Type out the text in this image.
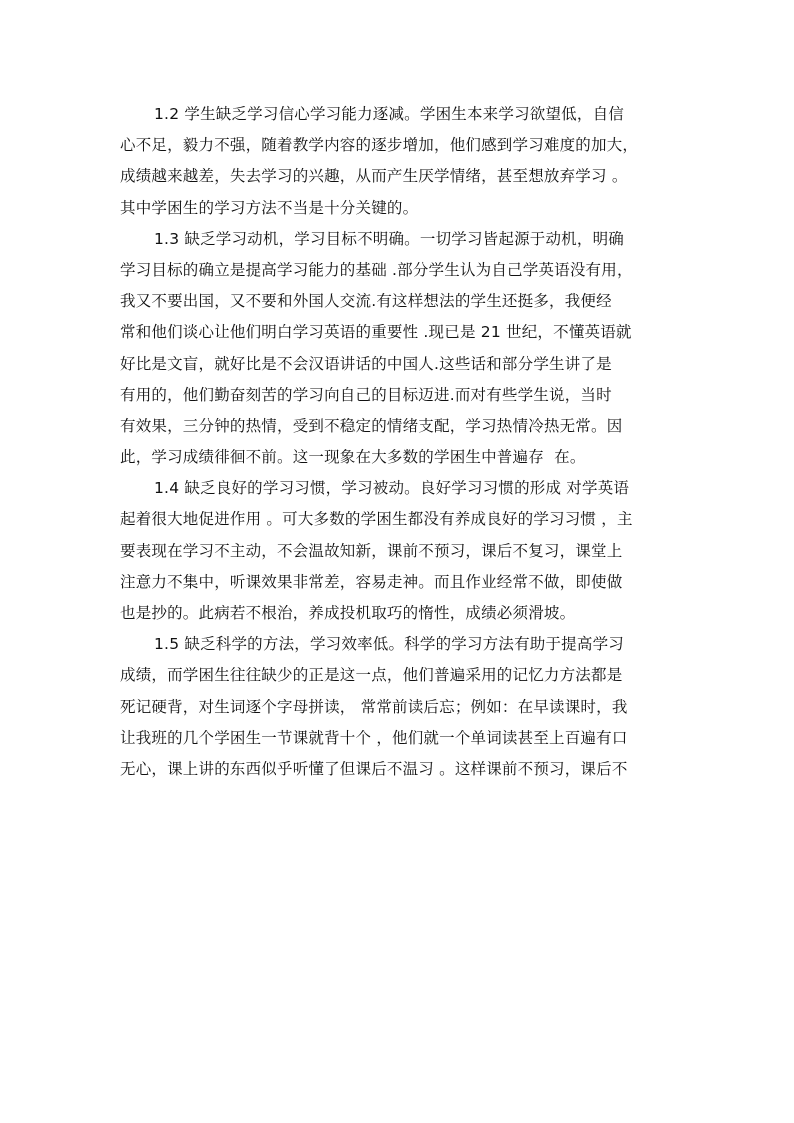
1.2 学生缺乏学习信心学习能力逐减。学困生本来学习欲望低，自信
心不足，毅力不强，随着教学内容的逐步增加，他们感到学习难度的加大，
成绩越来越差，失去学习的兴趣，从而产生厌学情绪，甚至想放弃学习 。
其中学困生的学习方法不当是十分关键的。
1.3 缺乏学习动机，学习目标不明确。一切学习皆起源于动机，明确
学习目标的确立是提高学习能力的基础 .部分学生认为自己学英语没有用，
我又不要出国，又不要和外国人交流.有这样想法的学生还挺多，我便经
常和他们谈心让他们明白学习英语的重要性 .现已是 21 世纪，不懂英语就
好比是文盲，就好比是不会汉语讲话的中国人.这些话和部分学生讲了是
有用的，他们勤奋刻苦的学习向自己的目标迈进.而对有些学生说，当时
有效果，三分钟的热情，受到不稳定的情绪支配，学习热情冷热无常。因
此，学习成绩徘徊不前。这一现象在大多数的学困生中普遍存  在。
1.4 缺乏良好的学习习惯，学习被动。良好学习习惯的形成 对学英语
起着很大地促进作用 。可大多数的学困生都没有养成良好的学习习惯 ，主
要表现在学习不主动，不会温故知新，课前不预习，课后不复习，课堂上
注意力不集中，听课效果非常差，容易走神。而且作业经常不做，即使做
也是抄的。此病若不根治，养成投机取巧的惰性，成绩必须滑坡。
1.5 缺乏科学的方法，学习效率低。科学的学习方法有助于提高学习
成绩，而学困生往往缺少的正是这一点，他们普遍采用的记忆力方法都是
死记硬背，对生词逐个字母拼读， 常常前读后忘；例如：在早读课时，我
让我班的几个学困生一节课就背十个 ，他们就一个单词读甚至上百遍有口
无心，课上讲的东西似乎听懂了但课后不温习 。这样课前不预习，课后不
